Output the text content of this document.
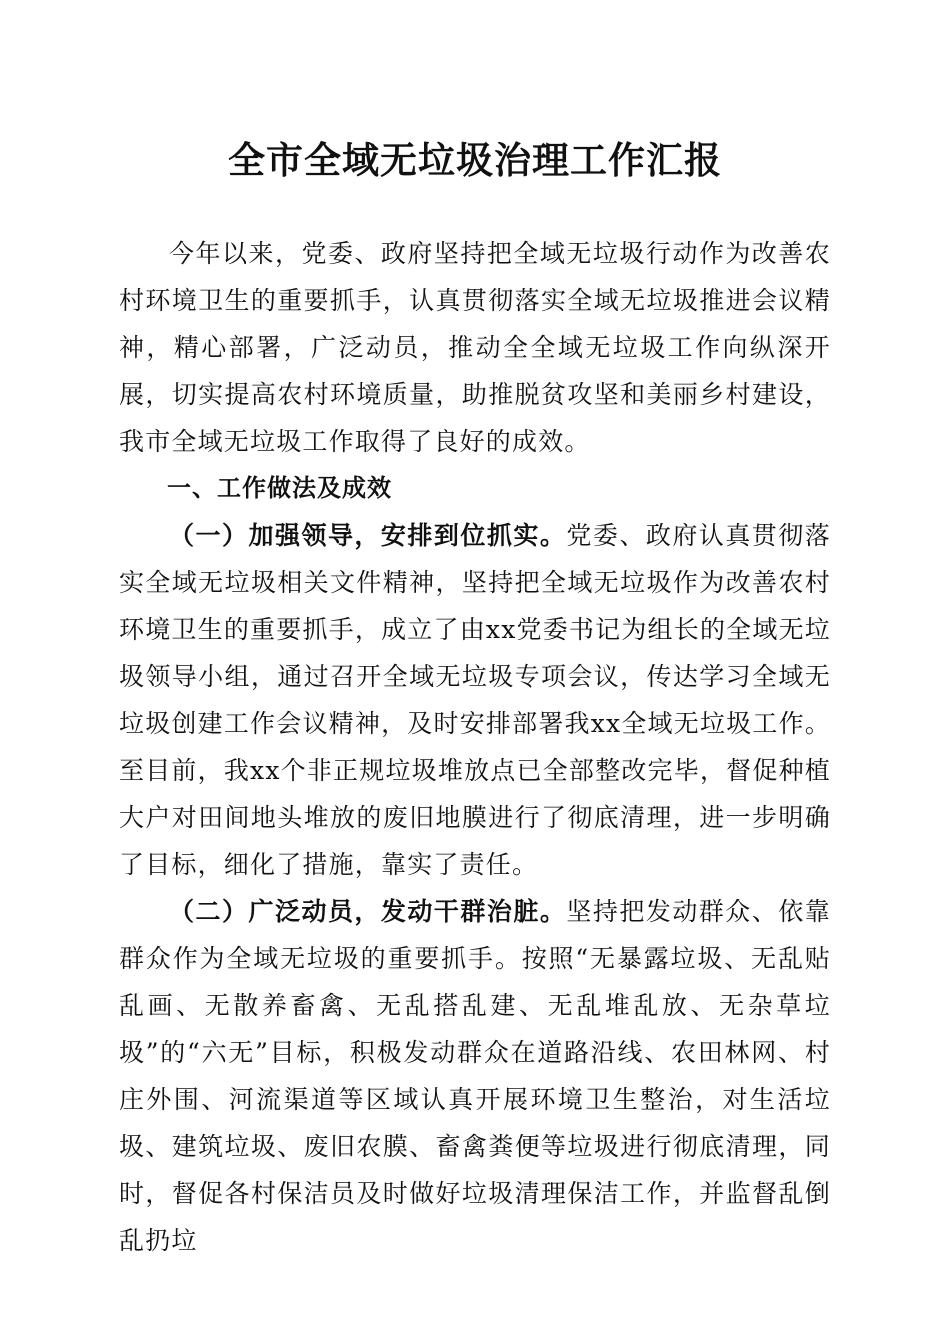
全市全域无垃圾治理工作汇报

今年以来，党委、政府坚持把全域无垃圾行动作为改善农村环境卫生的重要抓手，认真贯彻落实全域无垃圾推进会议精神，精心部署，广泛动员，推动全全域无垃圾工作向纵深开展，切实提高农村环境质量，助推脱贫攻坚和美丽乡村建设，我市全域无垃圾工作取得了良好的成效。

一、工作做法及成效

（一）加强领导，安排到位抓实。党委、政府认真贯彻落实全域无垃圾相关文件精神，坚持把全域无垃圾作为改善农村环境卫生的重要抓手，成立了由xx党委书记为组长的全域无垃圾领导小组，通过召开全域无垃圾专项会议，传达学习全域无垃圾创建工作会议精神，及时安排部署我xx全域无垃圾工作。至目前，我xx个非正规垃圾堆放点已全部整改完毕，督促种植大户对田间地头堆放的废旧地膜进行了彻底清理，进一步明确了目标，细化了措施，靠实了责任。

（二）广泛动员，发动干群治脏。坚持把发动群众、依靠群众作为全域无垃圾的重要抓手。按照“无暴露垃圾、无乱贴乱画、无散养畜禽、无乱搭乱建、无乱堆乱放、无杂草垃圾”的“六无”目标，积极发动群众在道路沿线、农田林网、村庄外围、河流渠道等区域认真开展环境卫生整治，对生活垃圾、建筑垃圾、废旧农膜、畜禽粪便等垃圾进行彻底清理，同时，督促各村保洁员及时做好垃圾清理保洁工作，并监督乱倒乱扔垃
